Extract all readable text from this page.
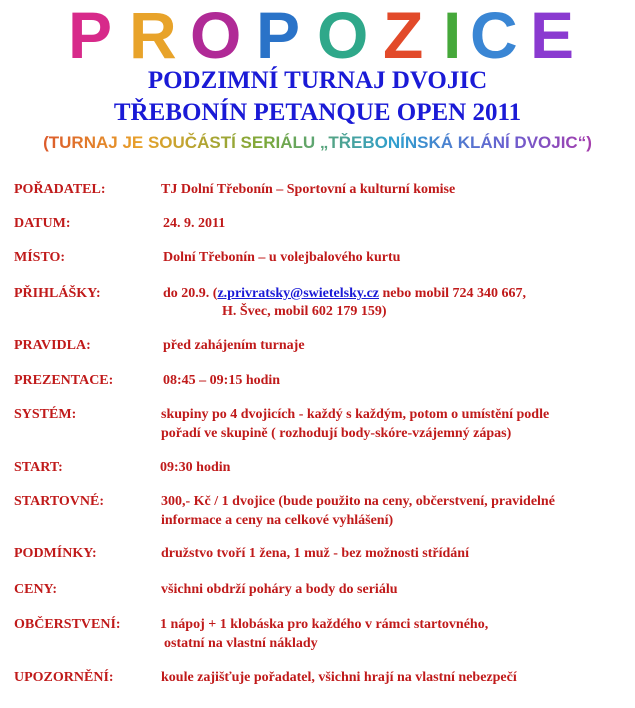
P R O P O Z I C E
PODZIMNÍ TURNAJ DVOJIC
TŘEBONÍN PETANQUE OPEN 2011
(TURNAJ JE SOUČÁSTÍ SERIÁLU „TŘEBONÍNSKÁ KLÁNÍ DVOJIC“)
POŘADATEL:	TJ Dolní Třebonín – Sportovní a kulturní komise
DATUM:	24. 9. 2011
MÍSTO:	Dolní Třebonín – u volejbalového kurtu
PŘIHLÁŠKY:	do 20.9. (z.privratsky@swietelsky.cz nebo mobil 724 340 667,
H. Švec, mobil 602 179 159)
PRAVIDLA:	před zahájením turnaje
PREZENTACE:	08:45 – 09:15 hodin
SYSTÉM:	skupiny po 4 dvojicích - každý s každým, potom o umístění podle
pořadí ve skupině ( rozhodují body-skóre-vzájemný zápas)
START:	09:30 hodin
STARTOVNÉ:	300,- Kč / 1 dvojice (bude použito na ceny, občerstvení, pravidelné
informace a ceny na celkové vyhlášení)
PODMÍNKY:	družstvo tvoří 1 žena, 1 muž - bez možnosti střídání
CENY:	všichni obdrží poháry a body do seriálu
OBČERSTVENÍ:	1 nápoj + 1 klobáska pro každého v rámci startovného,
ostatní na vlastní náklady
UPOZORNĚNÍ:	koule zajišťuje pořadatel, všichni hrají na vlastní nebezpečí
